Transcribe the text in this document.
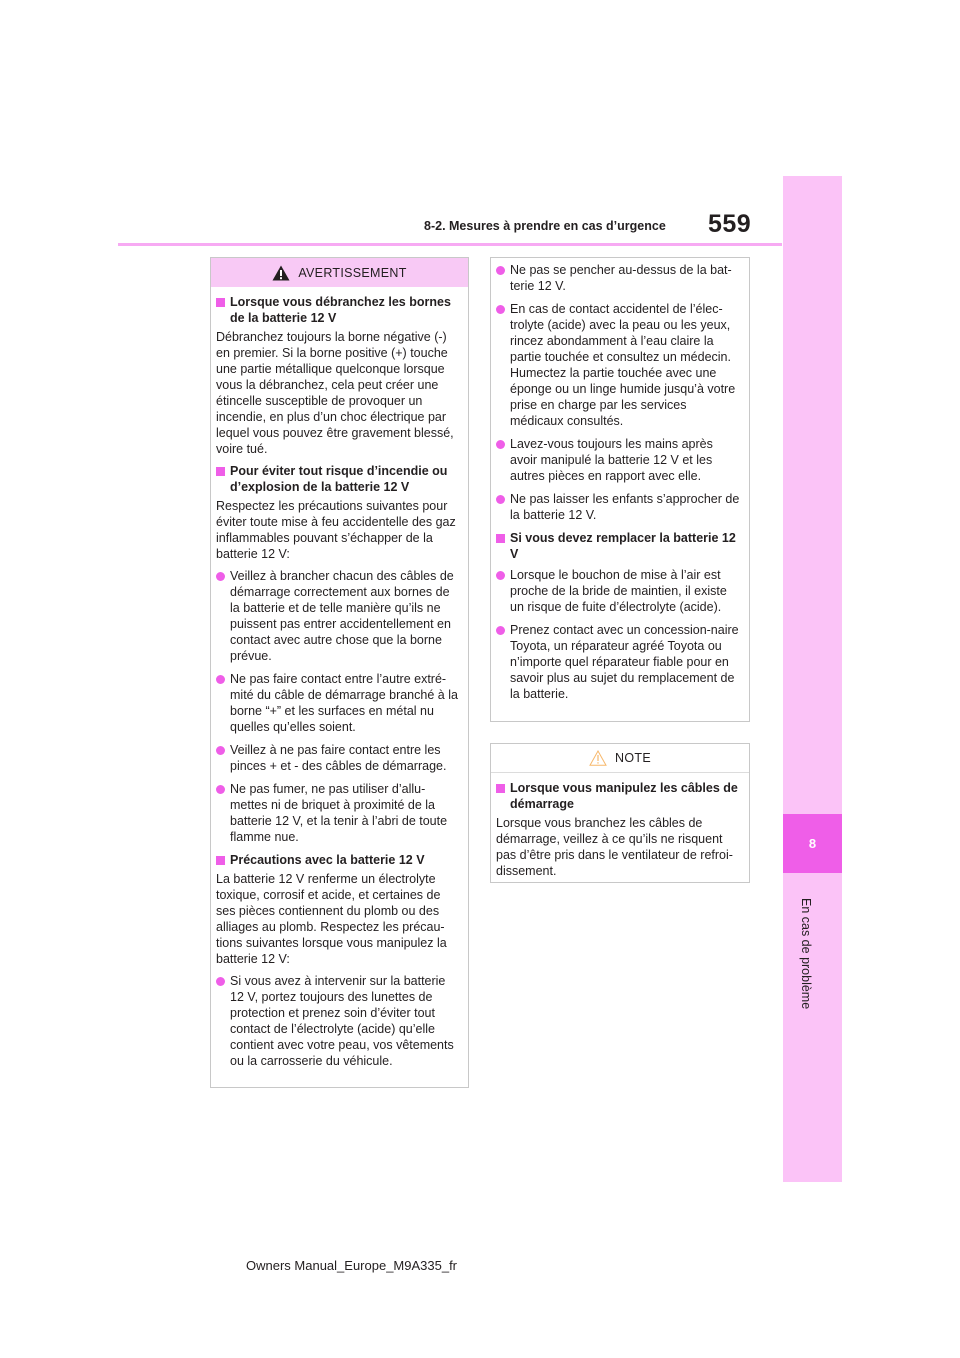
559
8-2. Mesures à prendre en cas d’urgence
8
En cas de problème
AVERTISSEMENT
Lorsque vous débranchez les bornes de la batterie 12 V
Débranchez toujours la borne négative (-) en premier. Si la borne positive (+) touche une partie métallique quelconque lorsque vous la débranchez, cela peut créer une étincelle susceptible de provoquer un incendie, en plus d’un choc électrique par lequel vous pouvez être gravement blessé, voire tué.
Pour éviter tout risque d’incendie ou d’explosion de la batterie 12 V
Respectez les précautions suivantes pour éviter toute mise à feu accidentelle des gaz inflammables pouvant s’échapper de la batterie 12 V:
Veillez à brancher chacun des câbles de démarrage correctement aux bornes de la batterie et de telle manière qu’ils ne puissent pas entrer accidentellement en contact avec autre chose que la borne prévue.
Ne pas faire contact entre l’autre extré-mité du câble de démarrage branché à la borne “+” et les surfaces en métal nu quelles qu’elles soient.
Veillez à ne pas faire contact entre les pinces + et - des câbles de démarrage.
Ne pas fumer, ne pas utiliser d’allu-mettes ni de briquet à proximité de la batterie 12 V, et la tenir à l’abri de toute flamme nue.
Précautions avec la batterie 12 V
La batterie 12 V renferme un électrolyte toxique, corrosif et acide, et certaines de ses pièces contiennent du plomb ou des alliages au plomb. Respectez les précau-tions suivantes lorsque vous manipulez la batterie 12 V:
Si vous avez à intervenir sur la batterie 12 V, portez toujours des lunettes de protection et prenez soin d’éviter tout contact de l’électrolyte (acide) qu’elle contient avec votre peau, vos vêtements ou la carrosserie du véhicule.
Ne pas se pencher au-dessus de la bat-terie 12 V.
En cas de contact accidentel de l’élec-trolyte (acide) avec la peau ou les yeux, rincez abondamment à l’eau claire la partie touchée et consultez un médecin. Humectez la partie touchée avec une éponge ou un linge humide jusqu’à votre prise en charge par les services médicaux consultés.
Lavez-vous toujours les mains après avoir manipulé la batterie 12 V et les autres pièces en rapport avec elle.
Ne pas laisser les enfants s’approcher de la batterie 12 V.
Si vous devez remplacer la batterie 12 V
Lorsque le bouchon de mise à l’air est proche de la bride de maintien, il existe un risque de fuite d’électrolyte (acide).
Prenez contact avec un concession-naire Toyota, un réparateur agréé Toyota ou n’importe quel réparateur fiable pour en savoir plus au sujet du remplacement de la batterie.
NOTE
Lorsque vous manipulez les câbles de démarrage
Lorsque vous branchez les câbles de démarrage, veillez à ce qu’ils ne risquent pas d’être pris dans le ventilateur de refroi-dissement.
Owners Manual_Europe_M9A335_fr
